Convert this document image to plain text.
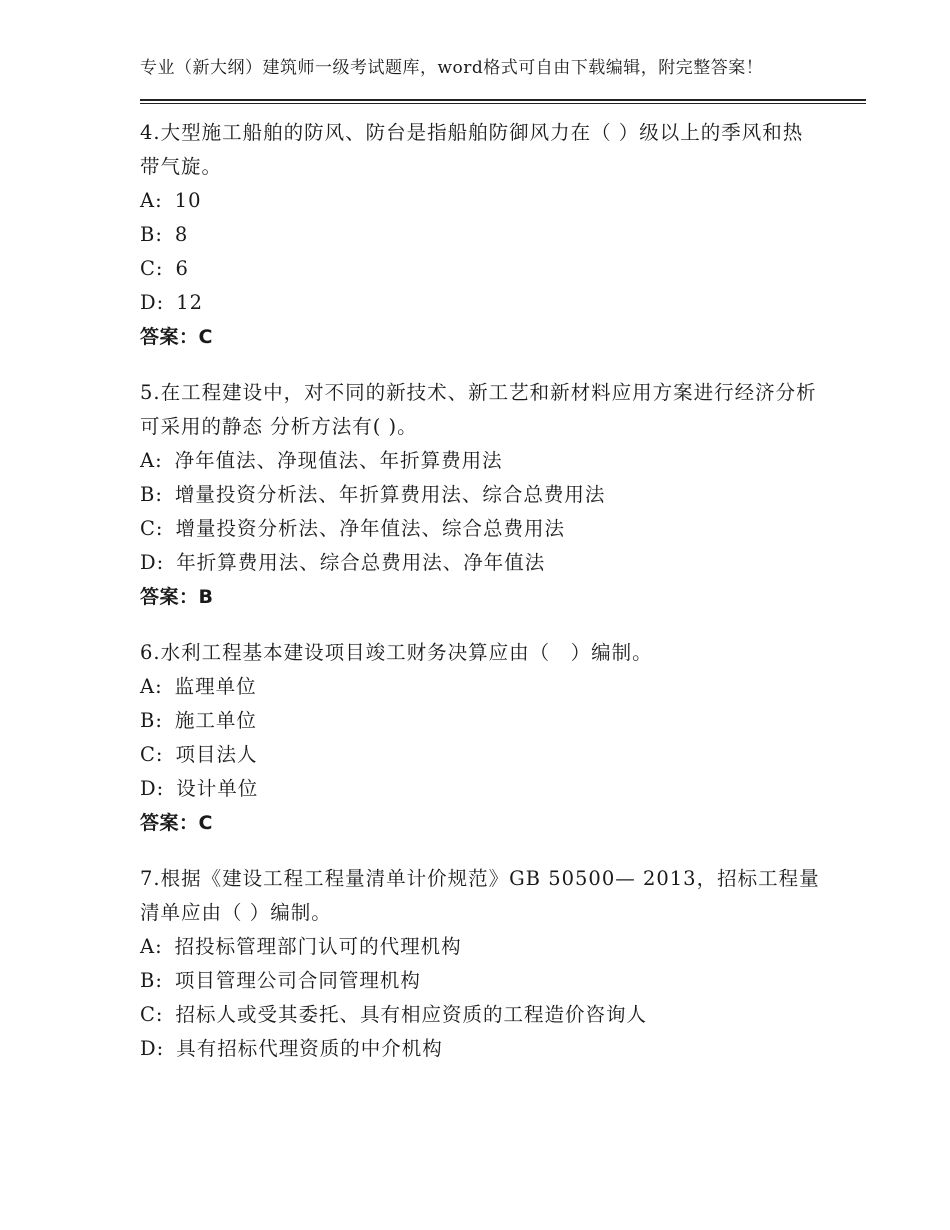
专业（新大纲）建筑师一级考试题库，word格式可自由下载编辑，附完整答案！
4.大型施工船舶的防风、防台是指船舶防御风力在（ ）级以上的季风和热带气旋。
A: 10
B: 8
C: 6
D: 12
答案：C
5.在工程建设中，对不同的新技术、新工艺和新材料应用方案进行经济分析可采用的静态 分析方法有( )。
A: 净年值法、净现值法、年折算费用法
B: 增量投资分析法、年折算费用法、综合总费用法
C: 增量投资分析法、净年值法、综合总费用法
D: 年折算费用法、综合总费用法、净年值法
答案：B
6.水利工程基本建设项目竣工财务决算应由（　）编制。
A: 监理单位
B: 施工单位
C: 项目法人
D: 设计单位
答案：C
7.根据《建设工程工程量清单计价规范》GB 50500— 2013，招标工程量清单应由（ ）编制。
A: 招投标管理部门认可的代理机构
B: 项目管理公司合同管理机构
C: 招标人或受其委托、具有相应资质的工程造价咨询人
D: 具有招标代理资质的中介机构
